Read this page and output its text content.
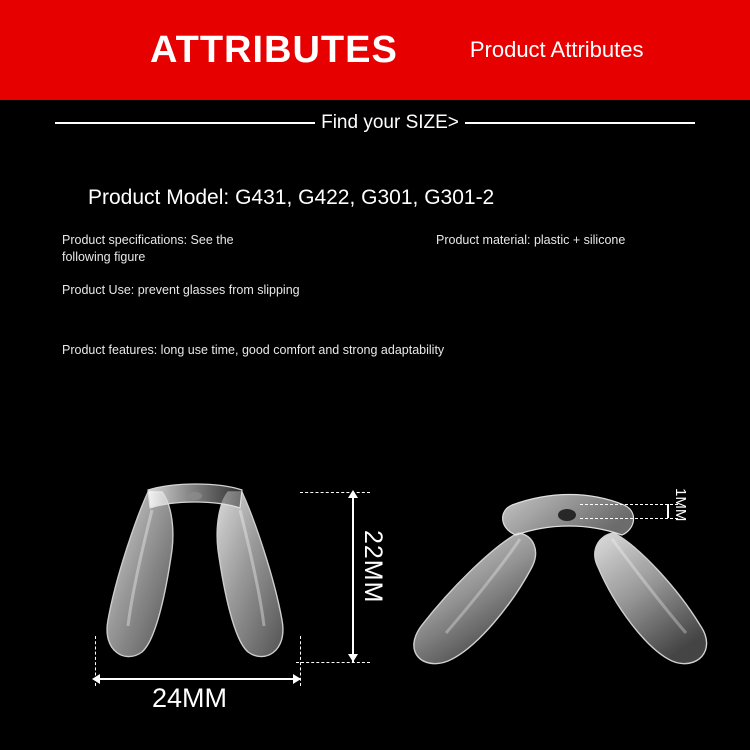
ATTRIBUTES	Product Attributes
Find your SIZE>
Product Model: G431, G422, G301, G301-2
Product specifications: See the following figure
Product material: plastic + silicone
Product Use: prevent glasses from slipping
Product features: long use time, good comfort and strong adaptability
22MM
24MM
1MM
